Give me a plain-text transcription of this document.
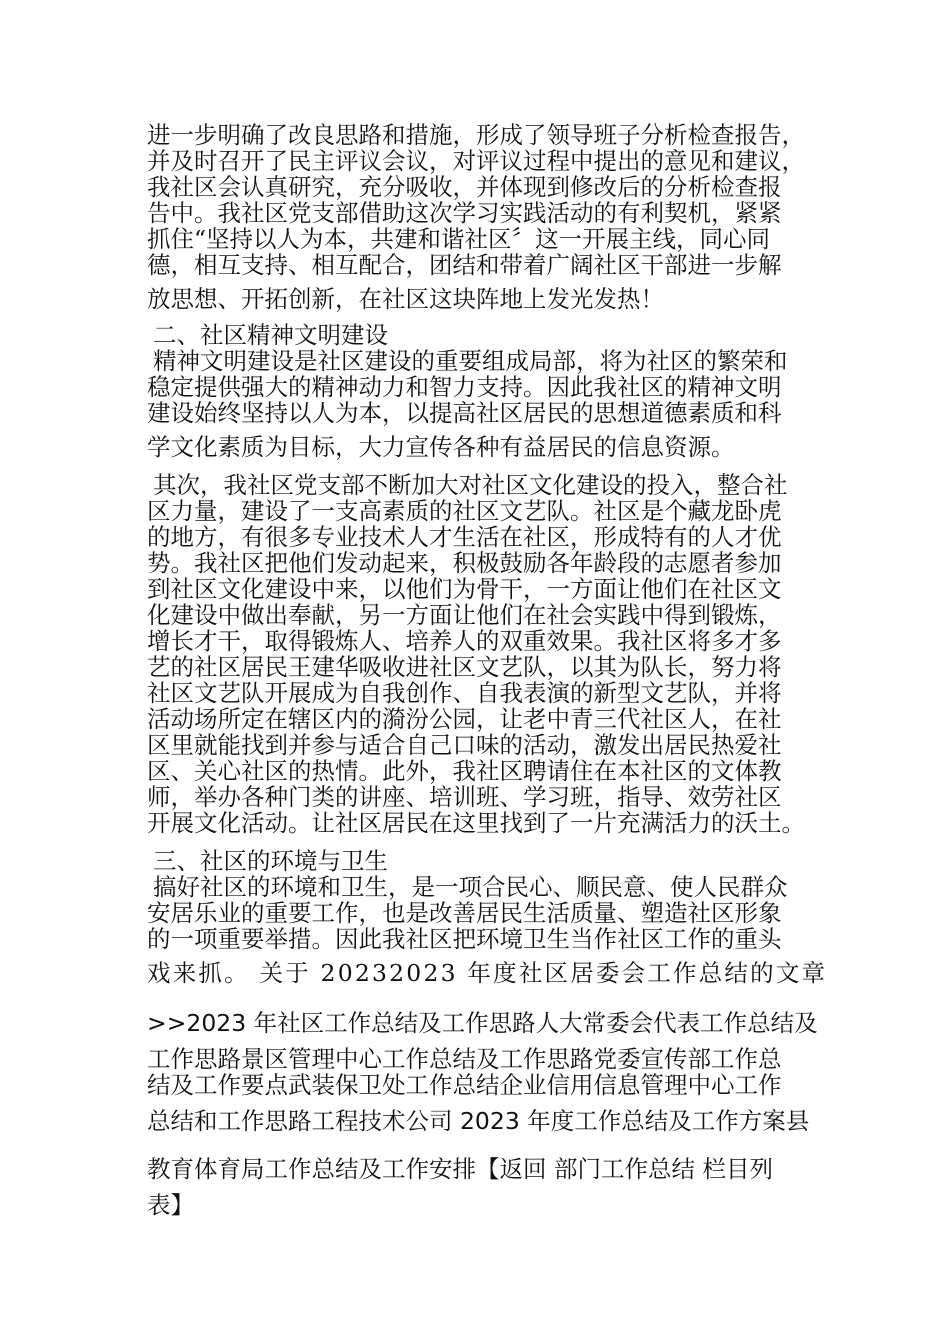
进一步明确了改良思路和措施，形成了领导班子分析检查报告，
并及时召开了民主评议会议，对评议过程中提出的意见和建议，
我社区会认真研究，充分吸收，并体现到修改后的分析检查报
告中。我社区党支部借助这次学习实践活动的有利契机，紧紧
抓住“坚持以人为本，共建和谐社区〞这一开展主线，同心同
德，相互支持、相互配合，团结和带着广阔社区干部进一步解
放思想、开拓创新，在社区这块阵地上发光发热！
二、社区精神文明建设
精神文明建设是社区建设的重要组成局部，将为社区的繁荣和
稳定提供强大的精神动力和智力支持。因此我社区的精神文明
建设始终坚持以人为本，以提高社区居民的思想道德素质和科
学文化素质为目标，大力宣传各种有益居民的信息资源。
其次，我社区党支部不断加大对社区文化建设的投入，整合社
区力量，建设了一支高素质的社区文艺队。社区是个藏龙卧虎
的地方，有很多专业技术人才生活在社区，形成特有的人才优
势。我社区把他们发动起来，积极鼓励各年龄段的志愿者参加
到社区文化建设中来，以他们为骨干，一方面让他们在社区文
化建设中做出奉献，另一方面让他们在社会实践中得到锻炼，
增长才干，取得锻炼人、培养人的双重效果。我社区将多才多
艺的社区居民王建华吸收进社区文艺队，以其为队长，努力将
社区文艺队开展成为自我创作、自我表演的新型文艺队，并将
活动场所定在辖区内的漪汾公园，让老中青三代社区人，在社
区里就能找到并参与适合自己口味的活动，激发出居民热爱社
区、关心社区的热情。此外，我社区聘请住在本社区的文体教
师，举办各种门类的讲座、培训班、学习班，指导、效劳社区
开展文化活动。让社区居民在这里找到了一片充满活力的沃土。
三、社区的环境与卫生
搞好社区的环境和卫生，是一项合民心、顺民意、使人民群众
安居乐业的重要工作，也是改善居民生活质量、塑造社区形象
的一项重要举措。因此我社区把环境卫生当作社区工作的重头
戏来抓。 关于 20232023 年度社区居委会工作总结的文章
>>2023 年社区工作总结及工作思路人大常委会代表工作总结及
工作思路景区管理中心工作总结及工作思路党委宣传部工作总
结及工作要点武装保卫处工作总结企业信用信息管理中心工作
总结和工作思路工程技术公司 2023 年度工作总结及工作方案县
教育体育局工作总结及工作安排【返回 部门工作总结 栏目列
表】
